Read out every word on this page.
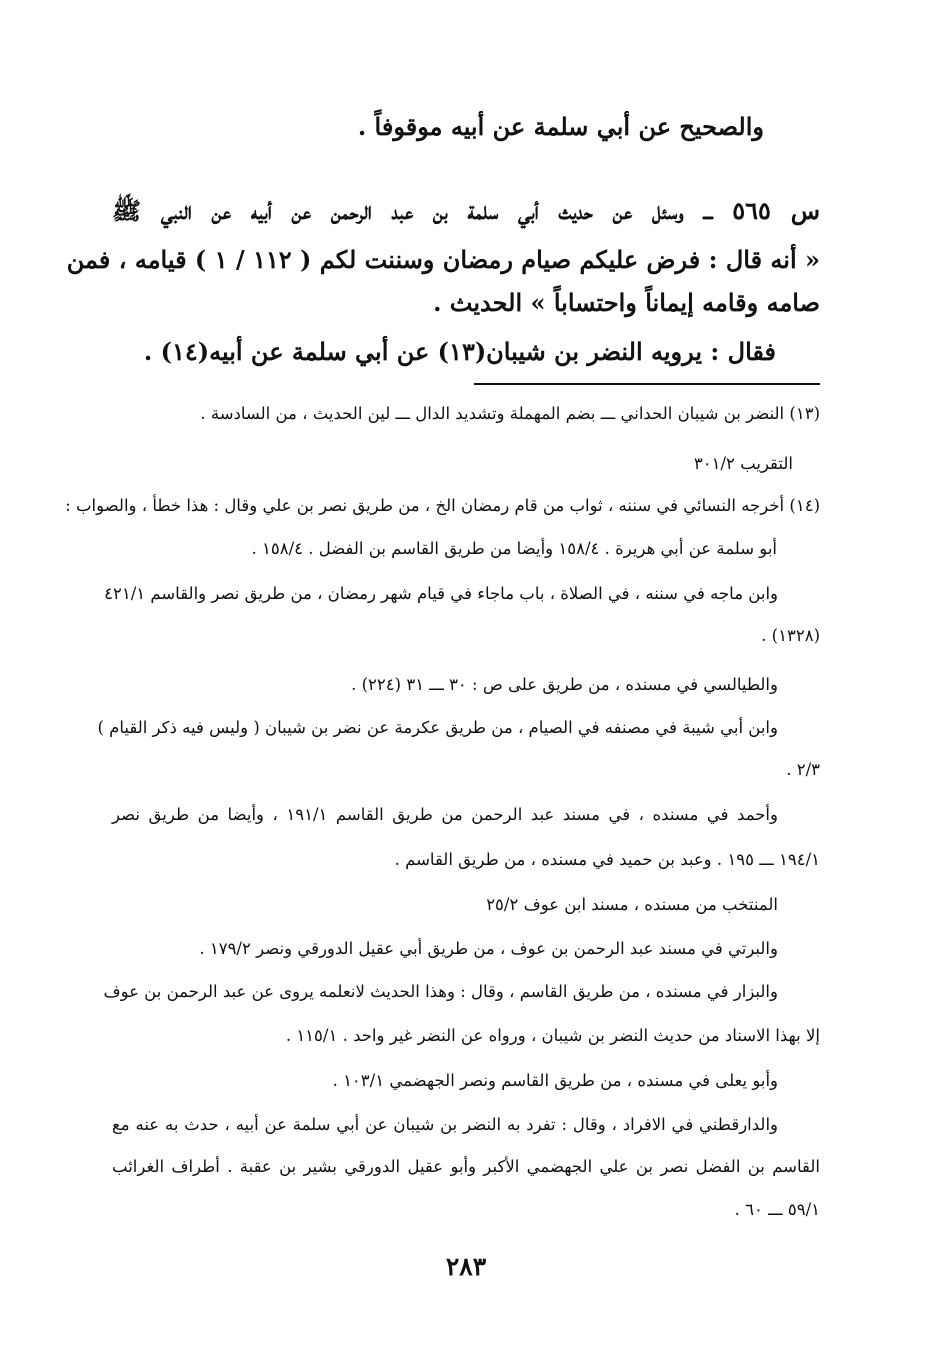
والصحيح عن أبي سلمة عن أبيه موقوفاً .
س ٥٦٥ ـــ وسئل عن حديث أبي سلمة بن عبد الرحمن عن أبيه عن النبي ﷺ
« أنه قال : فرض عليكم صيام رمضان وسننت لكم ( ١١٢ / ١ ) قيامه ، فمن
صامه وقامه إيماناً واحتساباً » الحديث .
فقال : يرويه النضر بن شيبان(١٣) عن أبي سلمة عن أبيه(١٤) .
(١٣) النضر بن شيبان الحداني ـــ بضم المهملة وتشديد الدال ـــ لين الحديث ، من السادسة .
التقريب ٣٠١/٢
(١٤) أخرجه النسائي في سننه ، ثواب من قام رمضان الخ ، من طريق نصر بن علي وقال : هذا خطأ ، والصواب :
أبو سلمة عن أبي هريرة . ١٥٨/٤ وأيضا من طريق القاسم بن الفضل . ١٥٨/٤ .
وابن ماجه في سننه ، في الصلاة ، باب ماجاء في قيام شهر رمضان ، من طريق نصر والقاسم ٤٢١/١
(١٣٢٨) .
والطيالسي في مسنده ، من طريق على ص : ٣٠ ـــ ٣١ (٢٢٤) .
وابن أبي شيبة في مصنفه في الصيام ، من طريق عكرمة عن نضر بن شيبان ( وليس فيه ذكر القيام )
٢/٣ .
وأحمد في مسنده ، في مسند عبد الرحمن من طريق القاسم ١٩١/١ ، وأيضا من طريق نصر
١٩٤/١ ـــ ١٩٥ . وعبد بن حميد في مسنده ، من طريق القاسم .
المنتخب من مسنده ، مسند ابن عوف ٢٥/٢
والبرتي في مسند عبد الرحمن بن عوف ، من طريق أبي عقيل الدورقي ونصر ١٧٩/٢ .
والبزار في مسنده ، من طريق القاسم ، وقال : وهذا الحديث لانعلمه يروى عن عبد الرحمن بن عوف
إلا بهذا الاسناد من حديث النضر بن شيبان ، ورواه عن النضر غير واحد . ١١٥/١ .
وأبو يعلى في مسنده ، من طريق القاسم ونصر الجهضمي ١٠٣/١ .
والدارقطني في الافراد ، وقال : تفرد به النضر بن شيبان عن أبي سلمة عن أبيه ، حدث به عنه مع
القاسم بن الفضل نصر بن علي الجهضمي الأكبر وأبو عقيل الدورقي بشير بن عقبة . أطراف الغرائب
٥٩/١ ـــ ٦٠ .
٢٨٣
